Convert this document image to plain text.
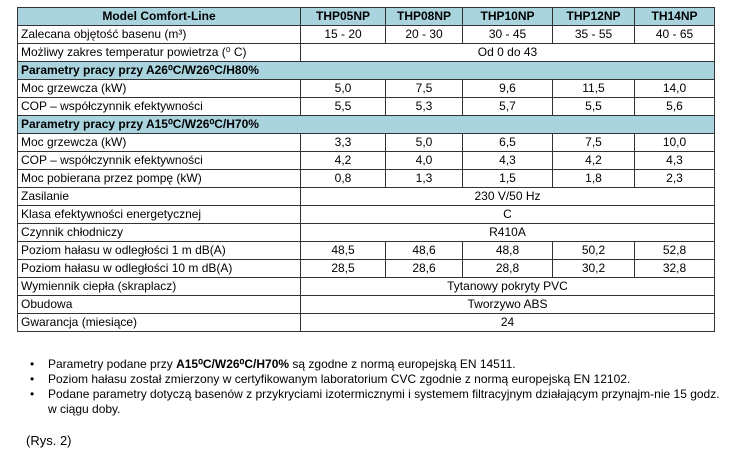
Model Comfort-Line	THP05NP	THP08NP	THP10NP	THP12NP	TH14NP
Zalecana objętość basenu (m³)	15 - 20	20 - 30	30 - 45	35 - 55	40 - 65
Możliwy zakres temperatur powietrza (⁰ C)	Od 0 do 43				
Parametry pracy przy A26⁰C/W26⁰C/H80%					
Moc grzewcza (kW)	5,0	7,5	9,6	11,5	14,0
COP – współczynnik efektywności	5,5	5,3	5,7	5,5	5,6
Parametry pracy przy A15⁰C/W26⁰C/H70%					
Moc grzewcza (kW)	3,3	5,0	6,5	7,5	10,0
COP – współczynnik efektywności	4,2	4,0	4,3	4,2	4,3
Moc pobierana przez pompę (kW)	0,8	1,3	1,5	1,8	2,3
Zasilanie	230 V/50 Hz				
Klasa efektywności energetycznej	C				
Czynnik chłodniczy	R410A				
Poziom hałasu w odległości 1 m dB(A)	48,5	48,6	48,8	50,2	52,8
Poziom hałasu w odległości 10 m dB(A)	28,5	28,6	28,8	30,2	32,8
Wymiennik ciepła (skraplacz)	Tytanowy pokryty PVC				
Obudowa	Tworzywo ABS				
Gwarancja (miesiące)	24				
• Parametry podane przy A15⁰C/W26⁰C/H70% są zgodne z normą europejską EN 14511.
• Poziom hałasu został zmierzony w certyfikowanym laboratorium CVC zgodnie z normą europejską EN 12102.
• Podane parametry dotyczą basenów z przykryciami izotermicznymi i systemem filtracyjnym działającym przynajm-nie 15 godz. w ciągu doby.
(Rys. 2)
